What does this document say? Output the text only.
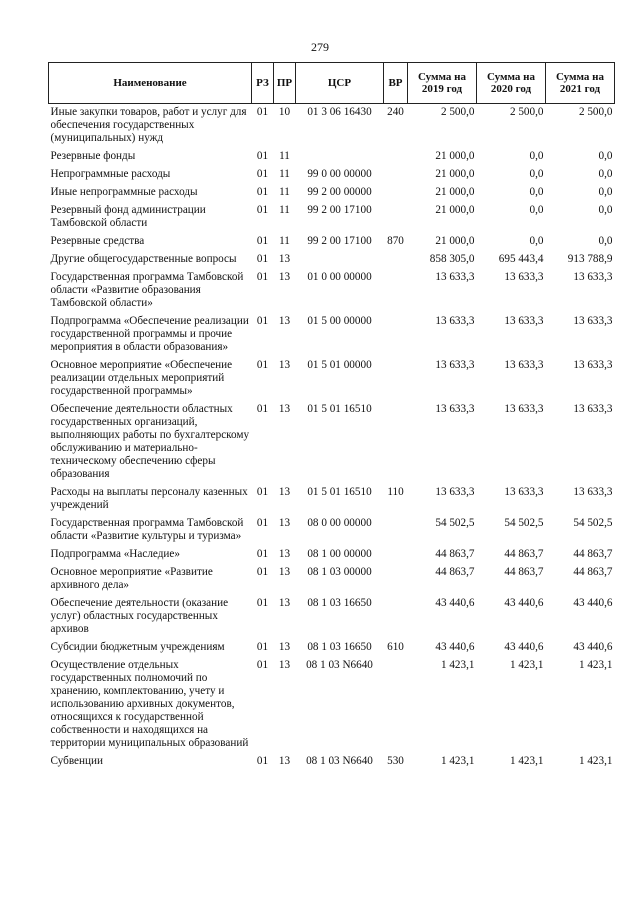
279
Наименование	РЗ	ПР	ЦСР	ВР	Сумма на 2019 год	Сумма на 2020 год	Сумма на 2021 год
Иные закупки товаров, работ и услуг для обеспечения государственных (муниципальных) нужд	01	10	01 3 06 16430	240	2 500,0	2 500,0	2 500,0
Резервные фонды	01	11			21 000,0	0,0	0,0
Непрограммные расходы	01	11	99 0 00 00000		21 000,0	0,0	0,0
Иные непрограммные расходы	01	11	99 2 00 00000		21 000,0	0,0	0,0
Резервный фонд администрации Тамбовской области	01	11	99 2 00 17100		21 000,0	0,0	0,0
Резервные средства	01	11	99 2 00 17100	870	21 000,0	0,0	0,0
Другие общегосударственные вопросы	01	13			858 305,0	695 443,4	913 788,9
Государственная программа Тамбовской области «Развитие образования Тамбовской области»	01	13	01 0 00 00000		13 633,3	13 633,3	13 633,3
Подпрограмма «Обеспечение реализации государственной программы и прочие мероприятия в области образования»	01	13	01 5 00 00000		13 633,3	13 633,3	13 633,3
Основное мероприятие «Обеспечение реализации отдельных мероприятий государственной программы»	01	13	01 5 01 00000		13 633,3	13 633,3	13 633,3
Обеспечение деятельности областных государственных организаций, выполняющих работы по бухгалтерскому обслуживанию и материально-техническому обеспечению сферы образования	01	13	01 5 01 16510		13 633,3	13 633,3	13 633,3
Расходы на выплаты персоналу казенных учреждений	01	13	01 5 01 16510	110	13 633,3	13 633,3	13 633,3
Государственная программа Тамбовской области «Развитие культуры и туризма»	01	13	08 0 00 00000		54 502,5	54 502,5	54 502,5
Подпрограмма «Наследие»	01	13	08 1 00 00000		44 863,7	44 863,7	44 863,7
Основное мероприятие «Развитие архивного дела»	01	13	08 1 03 00000		44 863,7	44 863,7	44 863,7
Обеспечение деятельности (оказание услуг) областных государственных архивов	01	13	08 1 03 16650		43 440,6	43 440,6	43 440,6
Субсидии бюджетным учреждениям	01	13	08 1 03 16650	610	43 440,6	43 440,6	43 440,6
Осуществление отдельных государственных полномочий по хранению, комплектованию, учету и использованию архивных документов, относящихся к государственной собственности и находящихся на территории муниципальных образований	01	13	08 1 03 N6640		1 423,1	1 423,1	1 423,1
Субвенции	01	13	08 1 03 N6640	530	1 423,1	1 423,1	1 423,1
